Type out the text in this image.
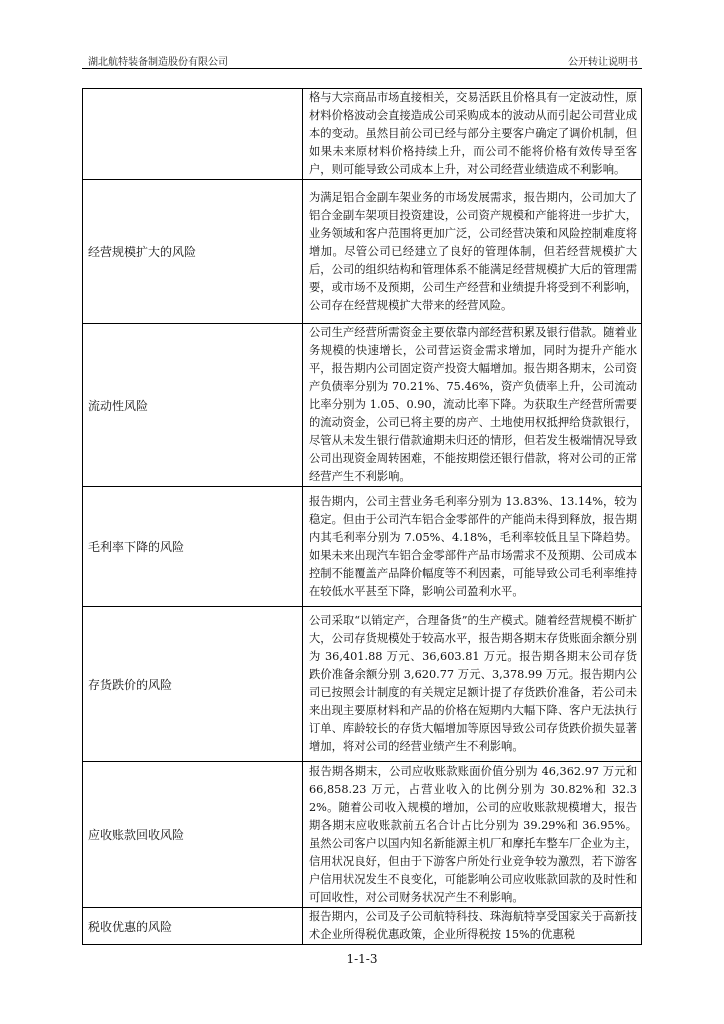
湖北航特装备制造股份有限公司	公开转让说明书
	格与大宗商品市场直接相关，交易活跃且价格具有一定波动性，原材料价格波动会直接造成公司采购成本的波动从而引起公司营业成本的变动。虽然目前公司已经与部分主要客户确定了调价机制，但如果未来原材料价格持续上升，而公司不能将价格有效传导至客户，则可能导致公司成本上升，对公司经营业绩造成不利影响。
经营规模扩大的风险	为满足铝合金副车架业务的市场发展需求，报告期内，公司加大了铝合金副车架项目投资建设，公司资产规模和产能将进一步扩大，业务领域和客户范围将更加广泛，公司经营决策和风险控制难度将增加。尽管公司已经建立了良好的管理体制，但若经营规模扩大后，公司的组织结构和管理体系不能满足经营规模扩大后的管理需要，或市场不及预期，公司生产经营和业绩提升将受到不利影响，公司存在经营规模扩大带来的经营风险。
流动性风险	公司生产经营所需资金主要依靠内部经营积累及银行借款。随着业务规模的快速增长，公司营运资金需求增加，同时为提升产能水平，报告期内公司固定资产投资大幅增加。报告期各期末，公司资产负债率分别为 70.21%、75.46%，资产负债率上升，公司流动比率分别为 1.05、0.90，流动比率下降。为获取生产经营所需要的流动资金，公司已将主要的房产、土地使用权抵押给贷款银行，尽管从未发生银行借款逾期未归还的情形，但若发生极端情况导致公司出现资金周转困难，不能按期偿还银行借款，将对公司的正常经营产生不利影响。
毛利率下降的风险	报告期内，公司主营业务毛利率分别为 13.83%、13.14%，较为稳定。但由于公司汽车铝合金零部件的产能尚未得到释放，报告期内其毛利率分别为 7.05%、4.18%，毛利率较低且呈下降趋势。如果未来出现汽车铝合金零部件产品市场需求不及预期、公司成本控制不能覆盖产品降价幅度等不利因素，可能导致公司毛利率维持在较低水平甚至下降，影响公司盈利水平。
存货跌价的风险	公司采取“以销定产，合理备货”的生产模式。随着经营规模不断扩大，公司存货规模处于较高水平，报告期各期末存货账面余额分别为 36,401.88 万元、36,603.81 万元。报告期各期末公司存货跌价准备余额分别 3,620.77 万元、3,378.99 万元。报告期内公司已按照会计制度的有关规定足额计提了存货跌价准备，若公司未来出现主要原材料和产品的价格在短期内大幅下降、客户无法执行订单、库龄较长的存货大幅增加等原因导致公司存货跌价损失显著增加，将对公司的经营业绩产生不利影响。
应收账款回收风险	报告期各期末，公司应收账款账面价值分别为 46,362.97 万元和 66,858.23 万元，占营业收入的比例分别为 30.82%和 32.32%。随着公司收入规模的增加，公司的应收账款规模增大，报告期各期末应收账款前五名合计占比分别为 39.29%和 36.95%。虽然公司客户以国内知名新能源主机厂和摩托车整车厂企业为主，信用状况良好，但由于下游客户所处行业竞争较为激烈，若下游客户信用状况发生不良变化，可能影响公司应收账款回款的及时性和可回收性，对公司财务状况产生不利影响。
税收优惠的风险	报告期内，公司及子公司航特科技、珠海航特享受国家关于高新技术企业所得税优惠政策，企业所得税按 15%的优惠税
1-1-3
